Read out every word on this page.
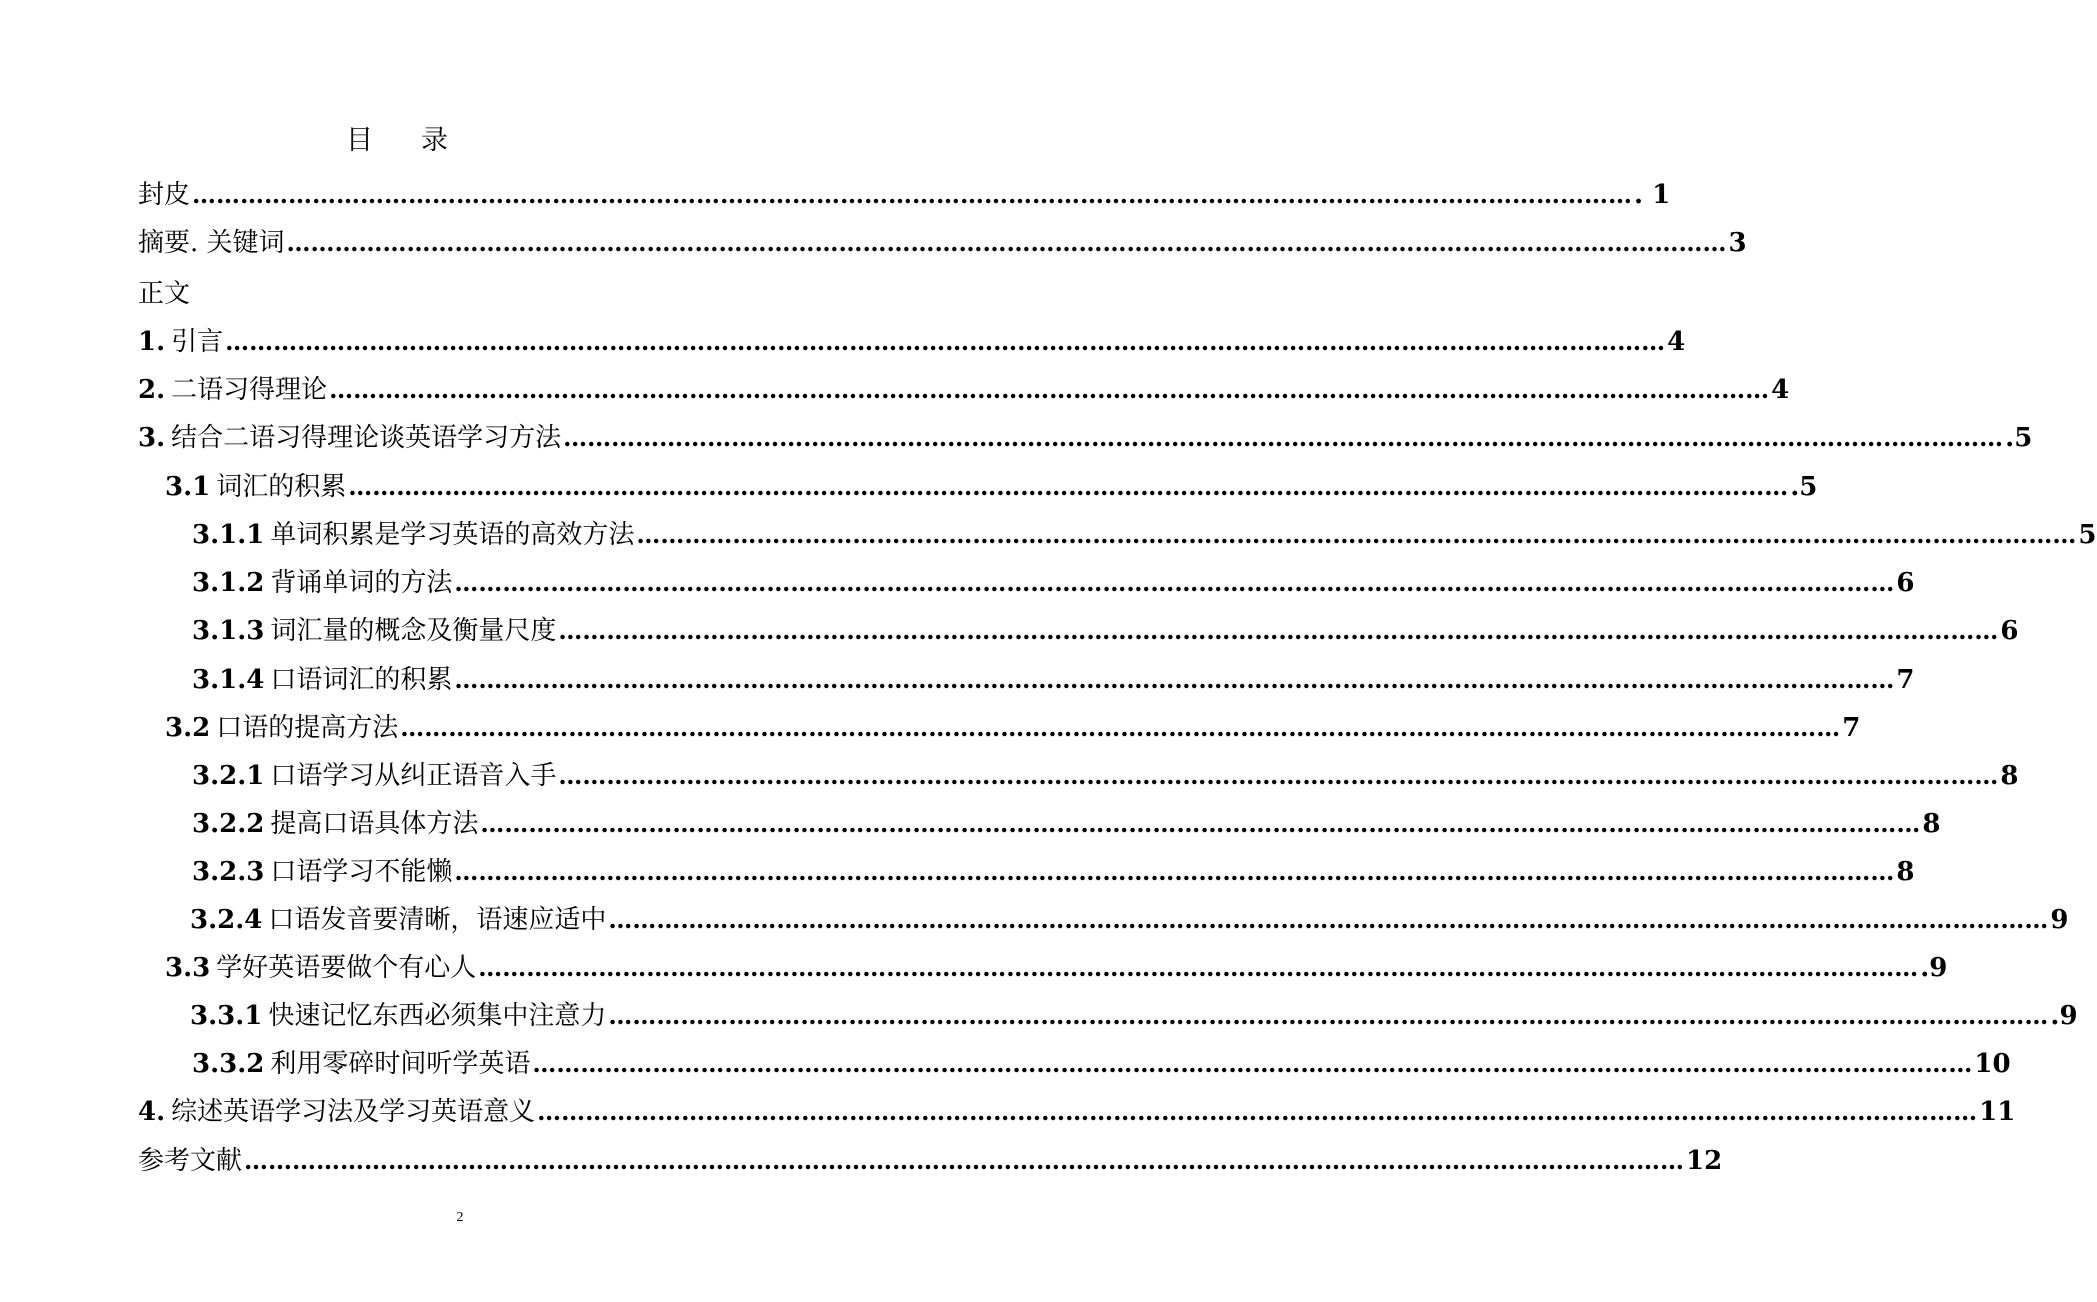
目 录
封皮 ……………………………………………………………………………………………………………………………………………………………… . 1
摘要. 关键词 ……………………………………………………………………………………………………………………………………………………………… 3
正文
1. 引言 ……………………………………………………………………………………………………………………………………………………………… 4
2. 二语习得理论 ……………………………………………………………………………………………………………………………………………………………… 4
3. 结合二语习得理论谈英语学习方法 ……………………………………………………………………………………………………………………………………………………………… .5
3.1 词汇的积累 ……………………………………………………………………………………………………………………………………………………………… .5
3.1.1 单词积累是学习英语的高效方法 ……………………………………………………………………………………………………………………………………………………………… 5
3.1.2 背诵单词的方法 ……………………………………………………………………………………………………………………………………………………………… 6
3.1.3 词汇量的概念及衡量尺度 ……………………………………………………………………………………………………………………………………………………………… 6
3.1.4 口语词汇的积累 ……………………………………………………………………………………………………………………………………………………………… 7
3.2 口语的提高方法 ……………………………………………………………………………………………………………………………………………………………… 7
3.2.1 口语学习从纠正语音入手 ……………………………………………………………………………………………………………………………………………………………… 8
3.2.2 提高口语具体方法 ……………………………………………………………………………………………………………………………………………………………… 8
3.2.3 口语学习不能懒 ……………………………………………………………………………………………………………………………………………………………… 8
3.2.4 口语发音要清晰，语速应适中 ……………………………………………………………………………………………………………………………………………………………… 9
3.3 学好英语要做个有心人 ……………………………………………………………………………………………………………………………………………………………… .9
3.3.1 快速记忆东西必须集中注意力 ……………………………………………………………………………………………………………………………………………………………… .9
3.3.2 利用零碎时间听学英语 ……………………………………………………………………………………………………………………………………………………………… 10
4. 综述英语学习法及学习英语意义 ……………………………………………………………………………………………………………………………………………………………… 11
参考文献 ……………………………………………………………………………………………………………………………………………………………… 12
2
